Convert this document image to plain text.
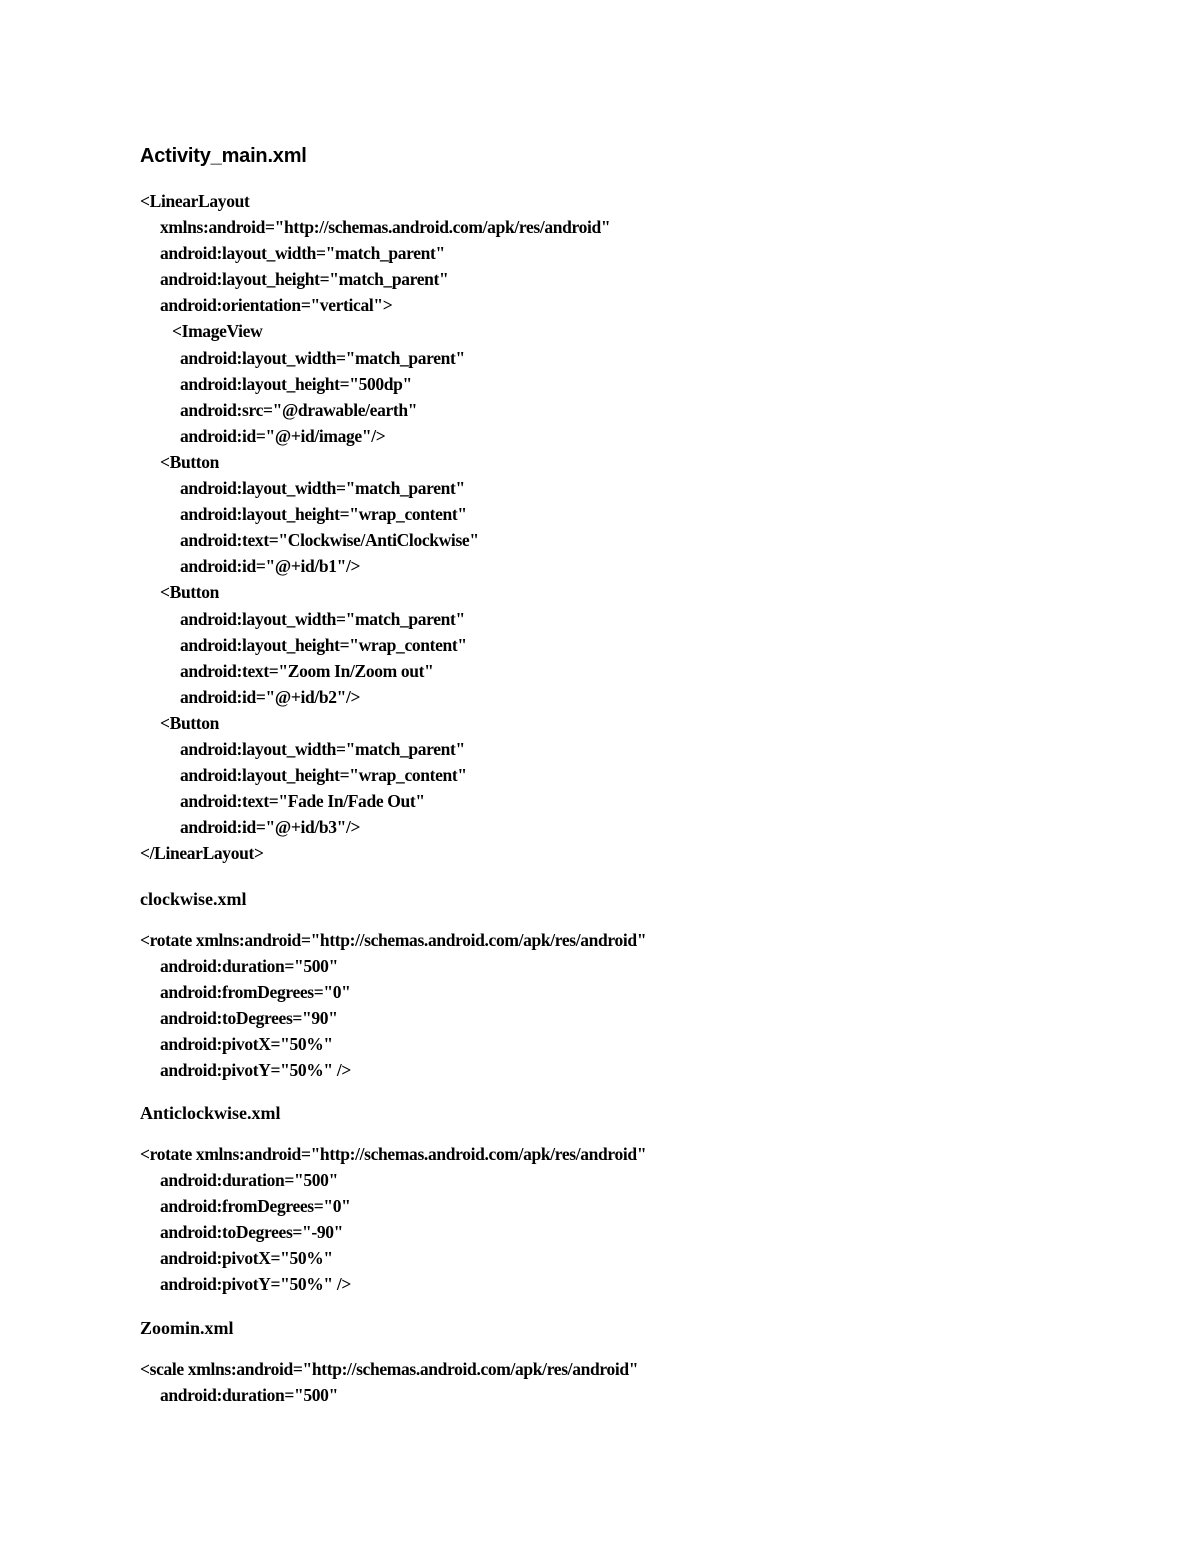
Activity_main.xml
<LinearLayout
xmlns:android="http://schemas.android.com/apk/res/android"
android:layout_width="match_parent"
android:layout_height="match_parent"
android:orientation="vertical">
<ImageView
android:layout_width="match_parent"
android:layout_height="500dp"
android:src="@drawable/earth"
android:id="@+id/image"/>
<Button
android:layout_width="match_parent"
android:layout_height="wrap_content"
android:text="Clockwise/AntiClockwise"
android:id="@+id/b1"/>
<Button
android:layout_width="match_parent"
android:layout_height="wrap_content"
android:text="Zoom In/Zoom out"
android:id="@+id/b2"/>
<Button
android:layout_width="match_parent"
android:layout_height="wrap_content"
android:text="Fade In/Fade Out"
android:id="@+id/b3"/>
</LinearLayout>
clockwise.xml
<rotate xmlns:android="http://schemas.android.com/apk/res/android"
android:duration="500"
android:fromDegrees="0"
android:toDegrees="90"
android:pivotX="50%"
android:pivotY="50%" />
Anticlockwise.xml
<rotate xmlns:android="http://schemas.android.com/apk/res/android"
android:duration="500"
android:fromDegrees="0"
android:toDegrees="-90"
android:pivotX="50%"
android:pivotY="50%" />
Zoomin.xml
<scale xmlns:android="http://schemas.android.com/apk/res/android"
android:duration="500"
